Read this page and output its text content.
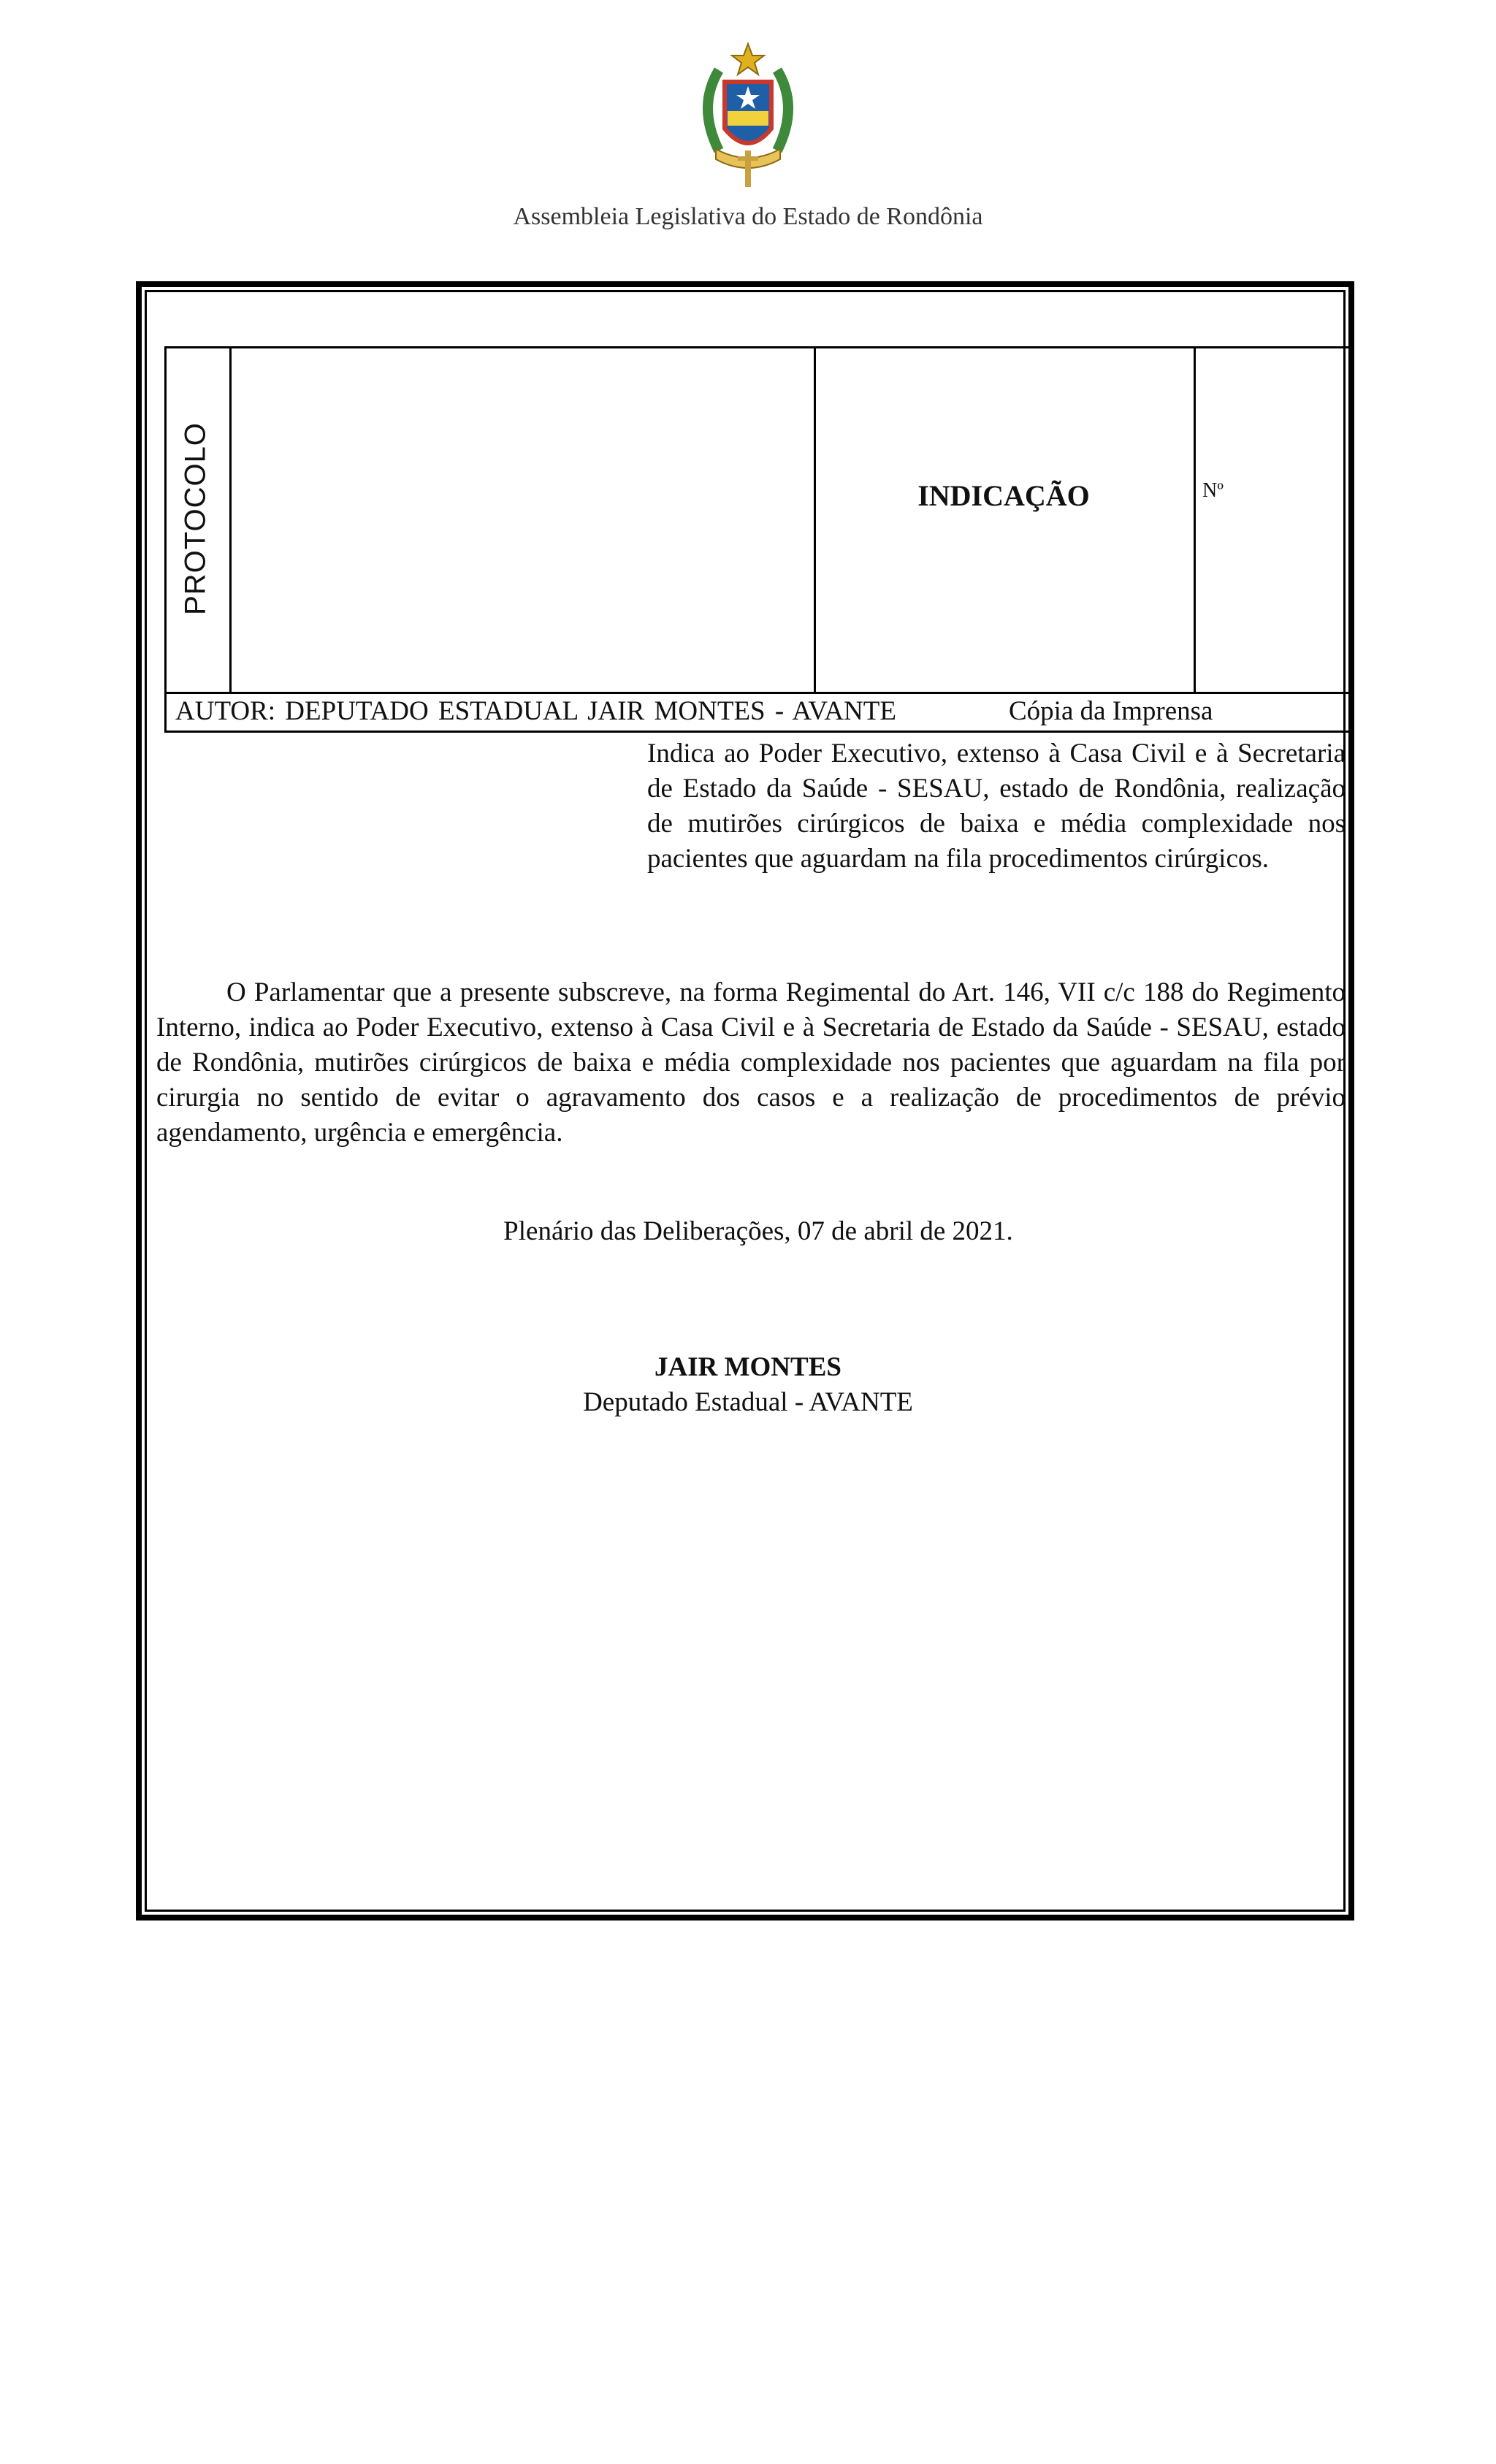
Assembleia Legislativa do Estado de Rondônia
PROTOCOLO	INDICAÇÃO	Nº
AUTOR: DEPUTADO ESTADUAL JAIR MONTES - AVANTE	Cópia da Imprensa
Indica ao Poder Executivo, extenso à Casa Civil e à Secretaria de Estado da Saúde - SESAU, estado de Rondônia, realização de mutirões cirúrgicos de baixa e média complexidade nos pacientes que aguardam na fila procedimentos cirúrgicos.
O Parlamentar que a presente subscreve, na forma Regimental do Art. 146, VII c/c 188 do Regimento Interno, indica ao Poder Executivo, extenso à Casa Civil e à Secretaria de Estado da Saúde - SESAU, estado de Rondônia, mutirões cirúrgicos de baixa e média complexidade nos pacientes que aguardam na fila por cirurgia no sentido de evitar o agravamento dos casos e a realização de procedimentos de prévio agendamento, urgência e emergência.
Plenário das Deliberações, 07 de abril de 2021.
JAIR MONTES
Deputado Estadual - AVANTE
